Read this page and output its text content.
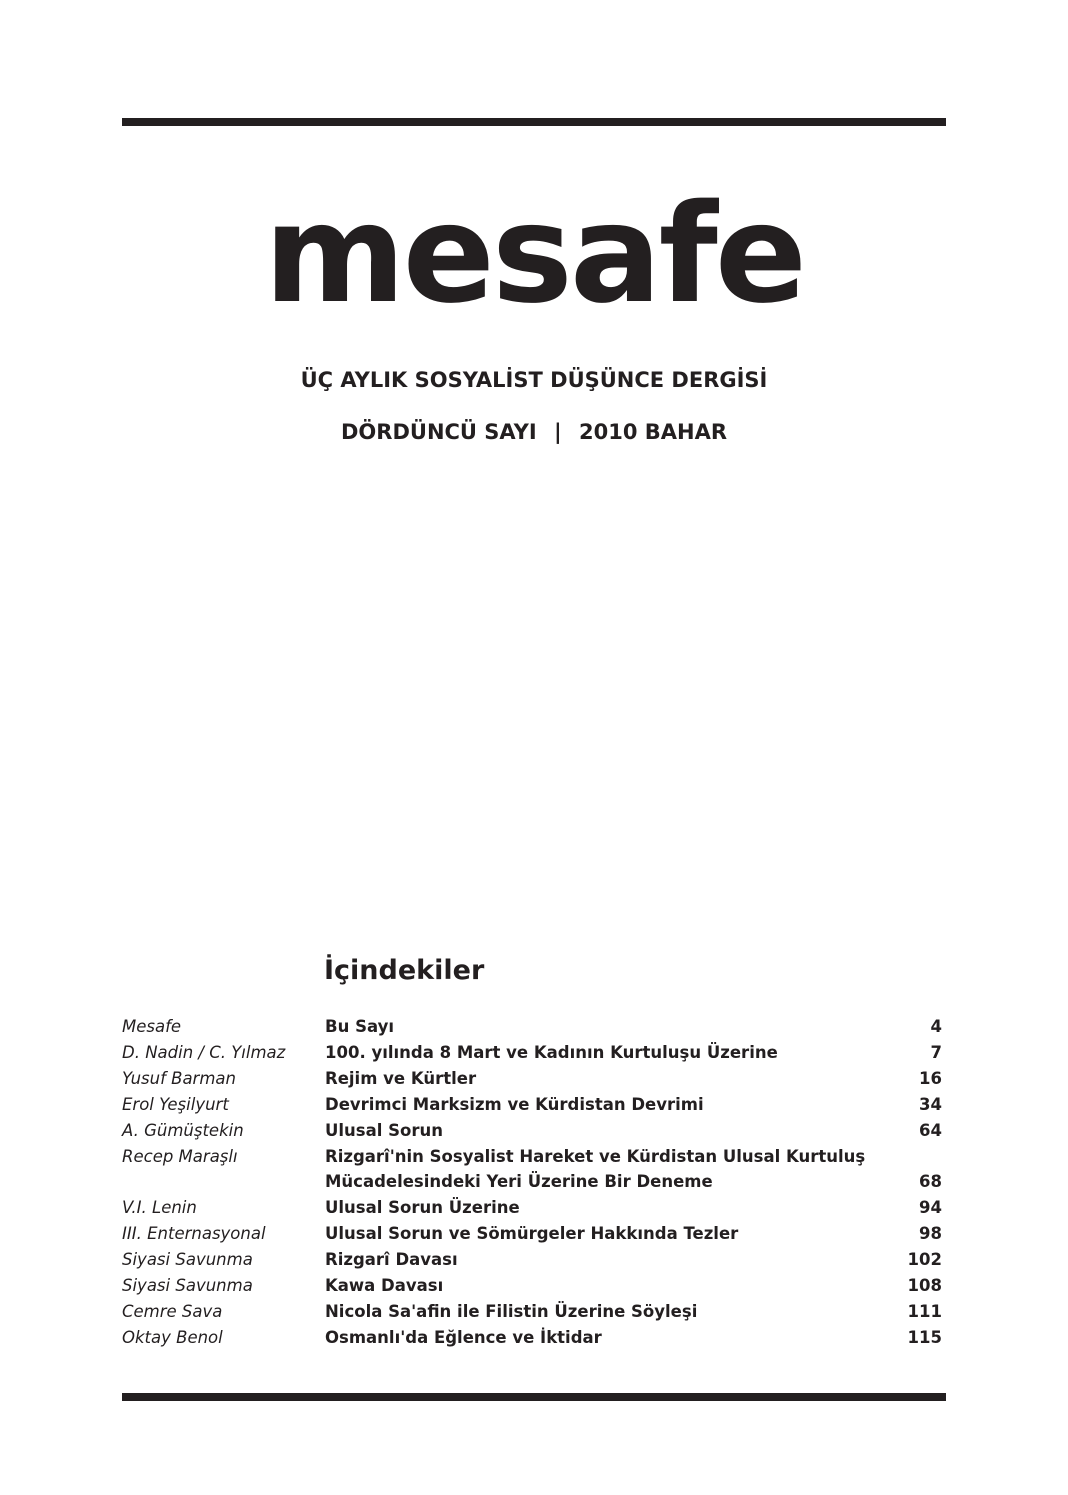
mesafe
ÜÇ AYLIK SOSYALİST DÜŞÜNCE DERGİSİ
DÖRDÜNCÜ SAYI | 2010 BAHAR
İçindekiler
Mesafe	Bu Sayı	4
D. Nadin / C. Yılmaz	100. yılında 8 Mart ve Kadının Kurtuluşu Üzerine	7
Yusuf Barman	Rejim ve Kürtler	16
Erol Yeşilyurt	Devrimci Marksizm ve Kürdistan Devrimi	34
A. Gümüştekin	Ulusal Sorun	64
Recep Maraşlı	Rizgarî'nin Sosyalist Hareket ve Kürdistan Ulusal Kurtuluş
Mücadelesindeki Yeri Üzerine Bir Deneme	68
V.I. Lenin	Ulusal Sorun Üzerine	94
III. Enternasyonal	Ulusal Sorun ve Sömürgeler Hakkında Tezler	98
Siyasi Savunma	Rizgarî Davası	102
Siyasi Savunma	Kawa Davası	108
Cemre Sava	Nicola Sa'afin ile Filistin Üzerine Söyleşi	111
Oktay Benol	Osmanlı'da Eğlence ve İktidar	115
